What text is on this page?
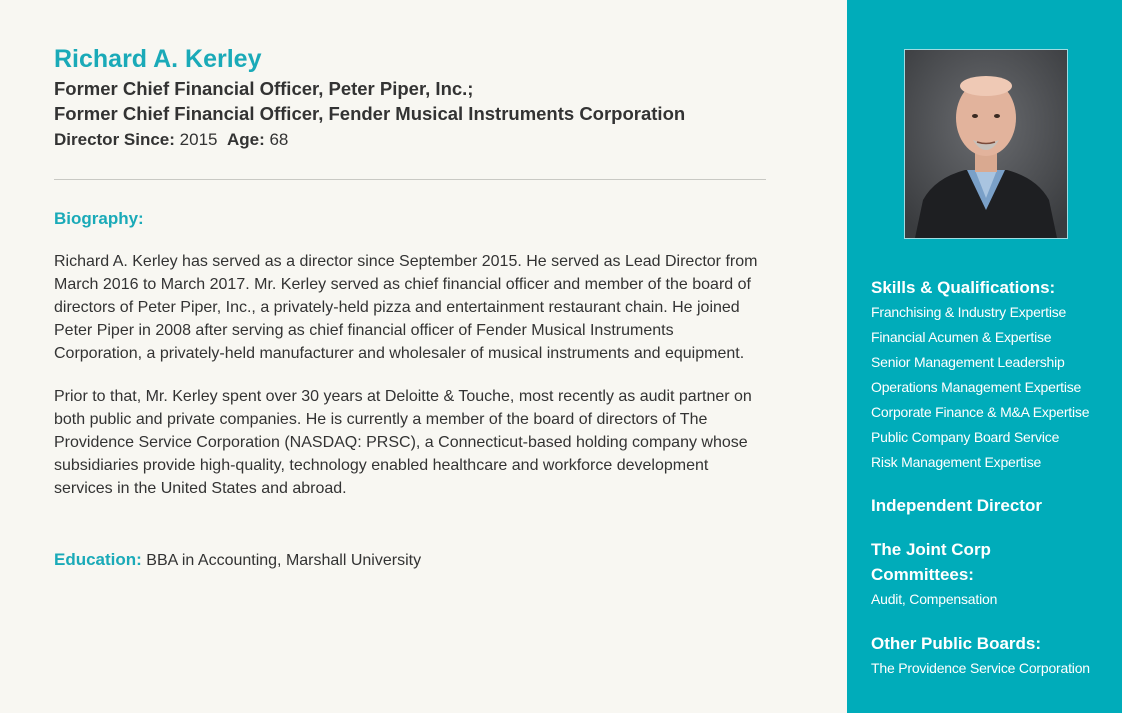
Richard A. Kerley

Former Chief Financial Officer, Peter Piper, Inc.;

Former Chief Financial Officer, Fender Musical Instruments Corporation

Director Since: 2015 Age: 68

Biography:

Richard A. Kerley has served as a director since September 2015. He served as Lead Director from March 2016 to March 2017. Mr. Kerley served as chief financial officer and member of the board of directors of Peter Piper, Inc., a privately-held pizza and entertainment restaurant chain. He joined Peter Piper in 2008 after serving as chief financial officer of Fender Musical Instruments Corporation, a privately-held manufacturer and wholesaler of musical instruments and equipment.

Prior to that, Mr. Kerley spent over 30 years at Deloitte & Touche, most recently as audit partner on both public and private companies. He is currently a member of the board of directors of The Providence Service Corporation (NASDAQ: PRSC), a Connecticut-based holding company whose subsidiaries provide high-quality, technology enabled healthcare and workforce development services in the United States and abroad.

Education: BBA in Accounting, Marshall University

Skills & Qualifications:

Franchising & Industry Expertise

Financial Acumen & Expertise

Senior Management Leadership

Operations Management Expertise

Corporate Finance & M&A Expertise

Public Company Board Service

Risk Management Expertise

Independent Director

The Joint Corp

Committees:

Audit, Compensation

Other Public Boards:

The Providence Service Corporation
